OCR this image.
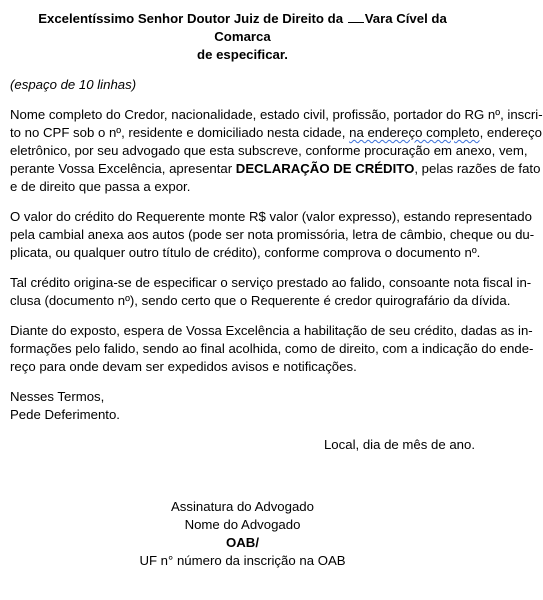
Excelentíssimo Senhor Doutor Juiz de Direito da Vara Cível da Comarca
de especificar.
(espaço de 10 linhas)

Nome completo do Credor, nacionalidade, estado civil, profissão, portador do RG nº, inscri-
to no CPF sob o nº, residente e domiciliado nesta cidade, na endereço completo, endereço
eletrônico, por seu advogado que esta subscreve, conforme procuração em anexo, vem,
perante Vossa Excelência, apresentar DECLARAÇÃO DE CRÉDITO, pelas razões de fato
e de direito que passa a expor.

O valor do crédito do Requerente monte R$ valor (valor expresso), estando representado
pela cambial anexa aos autos (pode ser nota promissória, letra de câmbio, cheque ou du-
plicata, ou qualquer outro título de crédito), conforme comprova o documento nº.

Tal crédito origina-se de especificar o serviço prestado ao falido, consoante nota fiscal in-
clusa (documento nº), sendo certo que o Requerente é credor quirografário da dívida.

Diante do exposto, espera de Vossa Excelência a habilitação de seu crédito, dadas as in-
formações pelo falido, sendo ao final acolhida, como de direito, com a indicação do ende-
reço para onde devam ser expedidos avisos e notificações.

Nesses Termos,
Pede Deferimento.
Local, dia de mês de ano.
Assinatura do Advogado
Nome do Advogado
OAB/
UF n° número da inscrição na OAB
